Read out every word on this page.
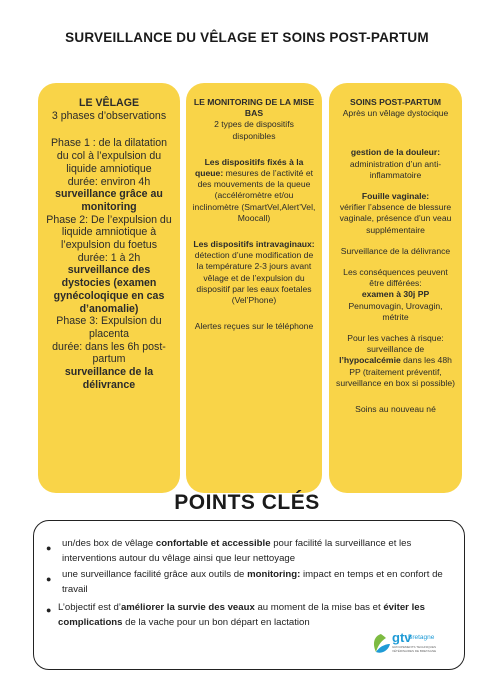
SURVEILLANCE DU VÊLAGE ET SOINS POST-PARTUM
LE VÊLAGE
3 phases d’observations
Phase 1 : de la dilatation du col à l’expulsion du liquide amniotique
durée: environ 4h
surveillance grâce au monitoring
Phase 2: De l’expulsion du liquide amniotique à l’expulsion du foetus
durée: 1 à 2h
surveillance des dystocies (examen gynécoloqique en cas d’anomalie)
Phase 3: Expulsion du placenta
durée: dans les 6h post-partum
surveillance de la délivrance
LE MONITORING DE LA MISE BAS
2 types de dispositifs disponibles
Les dispositifs fixés à la queue: mesures de l’activité et des mouvements de la queue (accéléromètre et/ou inclinomètre (SmartVel,Alert’Vel, Moocall)
Les dispositifs intravaginaux: détection d’une modification de la température 2-3 jours avant vêlage et de l’expulsion du dispositif par les eaux foetales (Vel’Phone)
Alertes reçues sur le téléphone
SOINS POST-PARTUM
Après un vêlage dystocique
gestion de la douleur:
administration d’un anti-inflammatoire
Fouille vaginale:
vérifier l’absence de blessure vaginale, présence d’un veau supplémentaire
Surveillance de la délivrance
Les conséquences peuvent être différées:
examen à 30j PP
Penumovagin, Urovagin, métrite
Pour les vaches à risque: surveillance de l’hypocalcémie dans les 48h PP (traitement préventif, surveillance en box si possible)
Soins au nouveau né
POINTS CLÉS
● un/des box de vêlage confortable et accessible pour facilité la surveillance et les interventions autour du vêlage ainsi que leur nettoyage
● une surveillance facilité grâce aux outils de monitoring: impact en temps et en confort de travail
● L’objectif est d’améliorer la survie des veaux au moment de la mise bas et éviter les complications de la vache pour un bon départ en lactation
gtv
Bretagne
GROUPEMENTS TECHNIQUES VÉTÉRINAIRES DE BRETAGNE
